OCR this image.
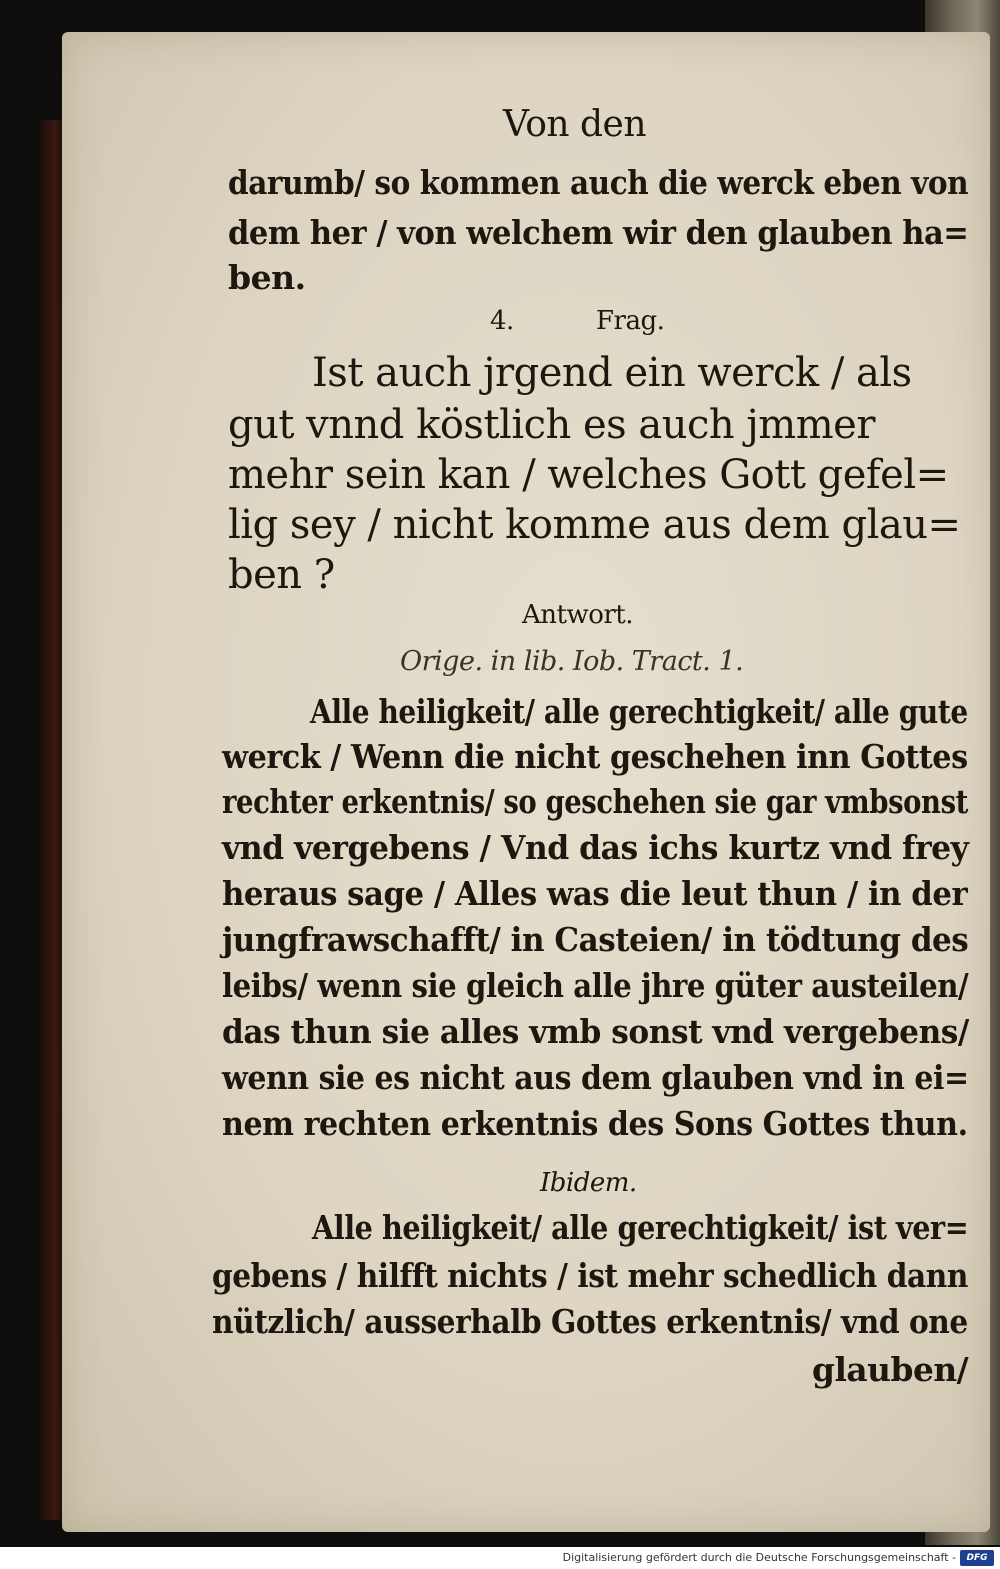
Von den
darumb/ so kommen auch die werck eben von
dem her / von welchem wir den glauben ha=
ben.
4.	Frag.
Ist auch jrgend ein werck / als
gut vnnd köstlich es auch jmmer
mehr sein kan / welches Gott gefel=
lig sey / nicht komme aus dem glau=
ben ?
Antwort.
Orige. in lib. Iob. Tract. 1.
Alle heiligkeit/ alle gerechtigkeit/ alle gute
werck / Wenn die nicht geschehen inn Gottes
rechter erkentnis/ so geschehen sie gar vmbsonst
vnd vergebens / Vnd das ichs kurtz vnd frey
heraus sage / Alles was die leut thun / in der
jungfrawschafft/ in Casteien/ in tödtung des
leibs/ wenn sie gleich alle jhre güter austeilen/
das thun sie alles vmb sonst vnd vergebens/
wenn sie es nicht aus dem glauben vnd in ei=
nem rechten erkentnis des Sons Gottes thun.
Ibidem.
Alle heiligkeit/ alle gerechtigkeit/ ist ver=
gebens / hilfft nichts / ist mehr schedlich dann
nützlich/ ausserhalb Gottes erkentnis/ vnd one
glauben/
Digitalisierung gefördert durch die Deutsche Forschungsgemeinschaft -	DFG
